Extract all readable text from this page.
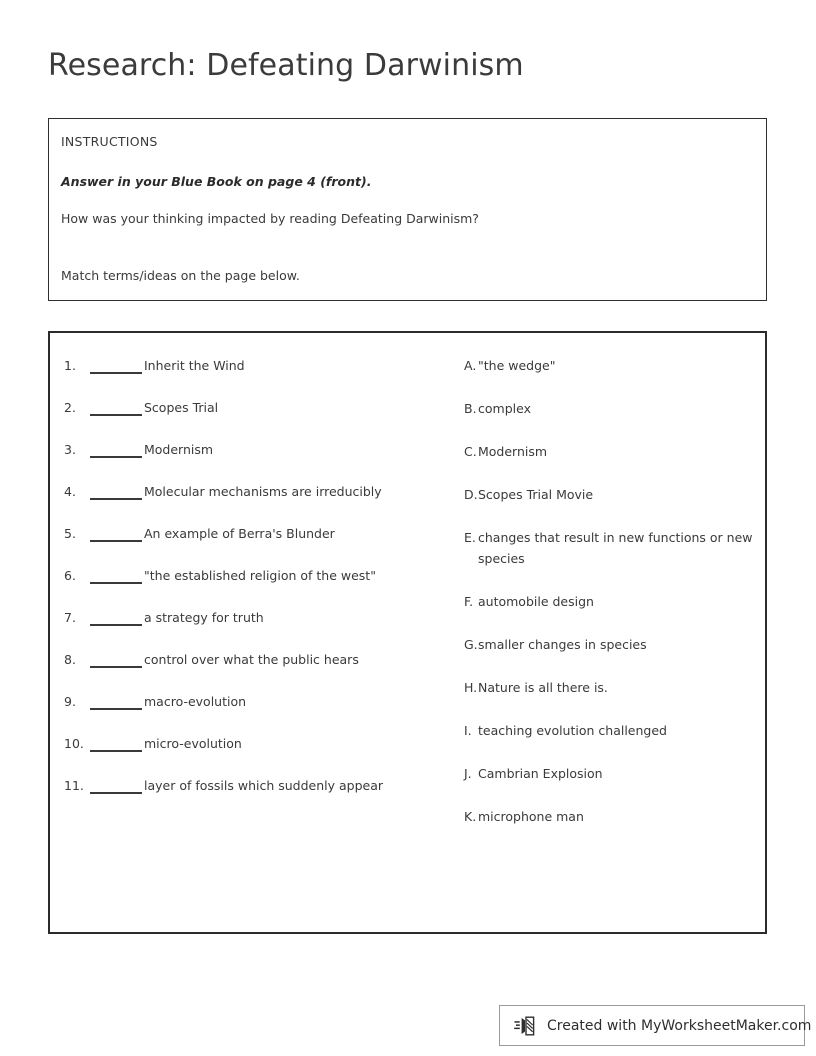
Research: Defeating Darwinism
INSTRUCTIONS
Answer in your Blue Book on page 4 (front).
How was your thinking impacted by reading Defeating Darwinism?
Match terms/ideas on the page below.
1.	Inherit the Wind
2.	Scopes Trial
3.	Modernism
4.	Molecular mechanisms are irreducibly
5.	An example of Berra's Blunder
6.	"the established religion of the west"
7.	a strategy for truth
8.	control over what the public hears
9.	macro-evolution
10.	micro-evolution
11.	layer of fossils which suddenly appear
A. "the wedge"
B. complex
C. Modernism
D. Scopes Trial Movie
E. changes that result in new functions or new species
F. automobile design
G. smaller changes in species
H. Nature is all there is.
I. teaching evolution challenged
J. Cambrian Explosion
K. microphone man
Created with MyWorksheetMaker.com
